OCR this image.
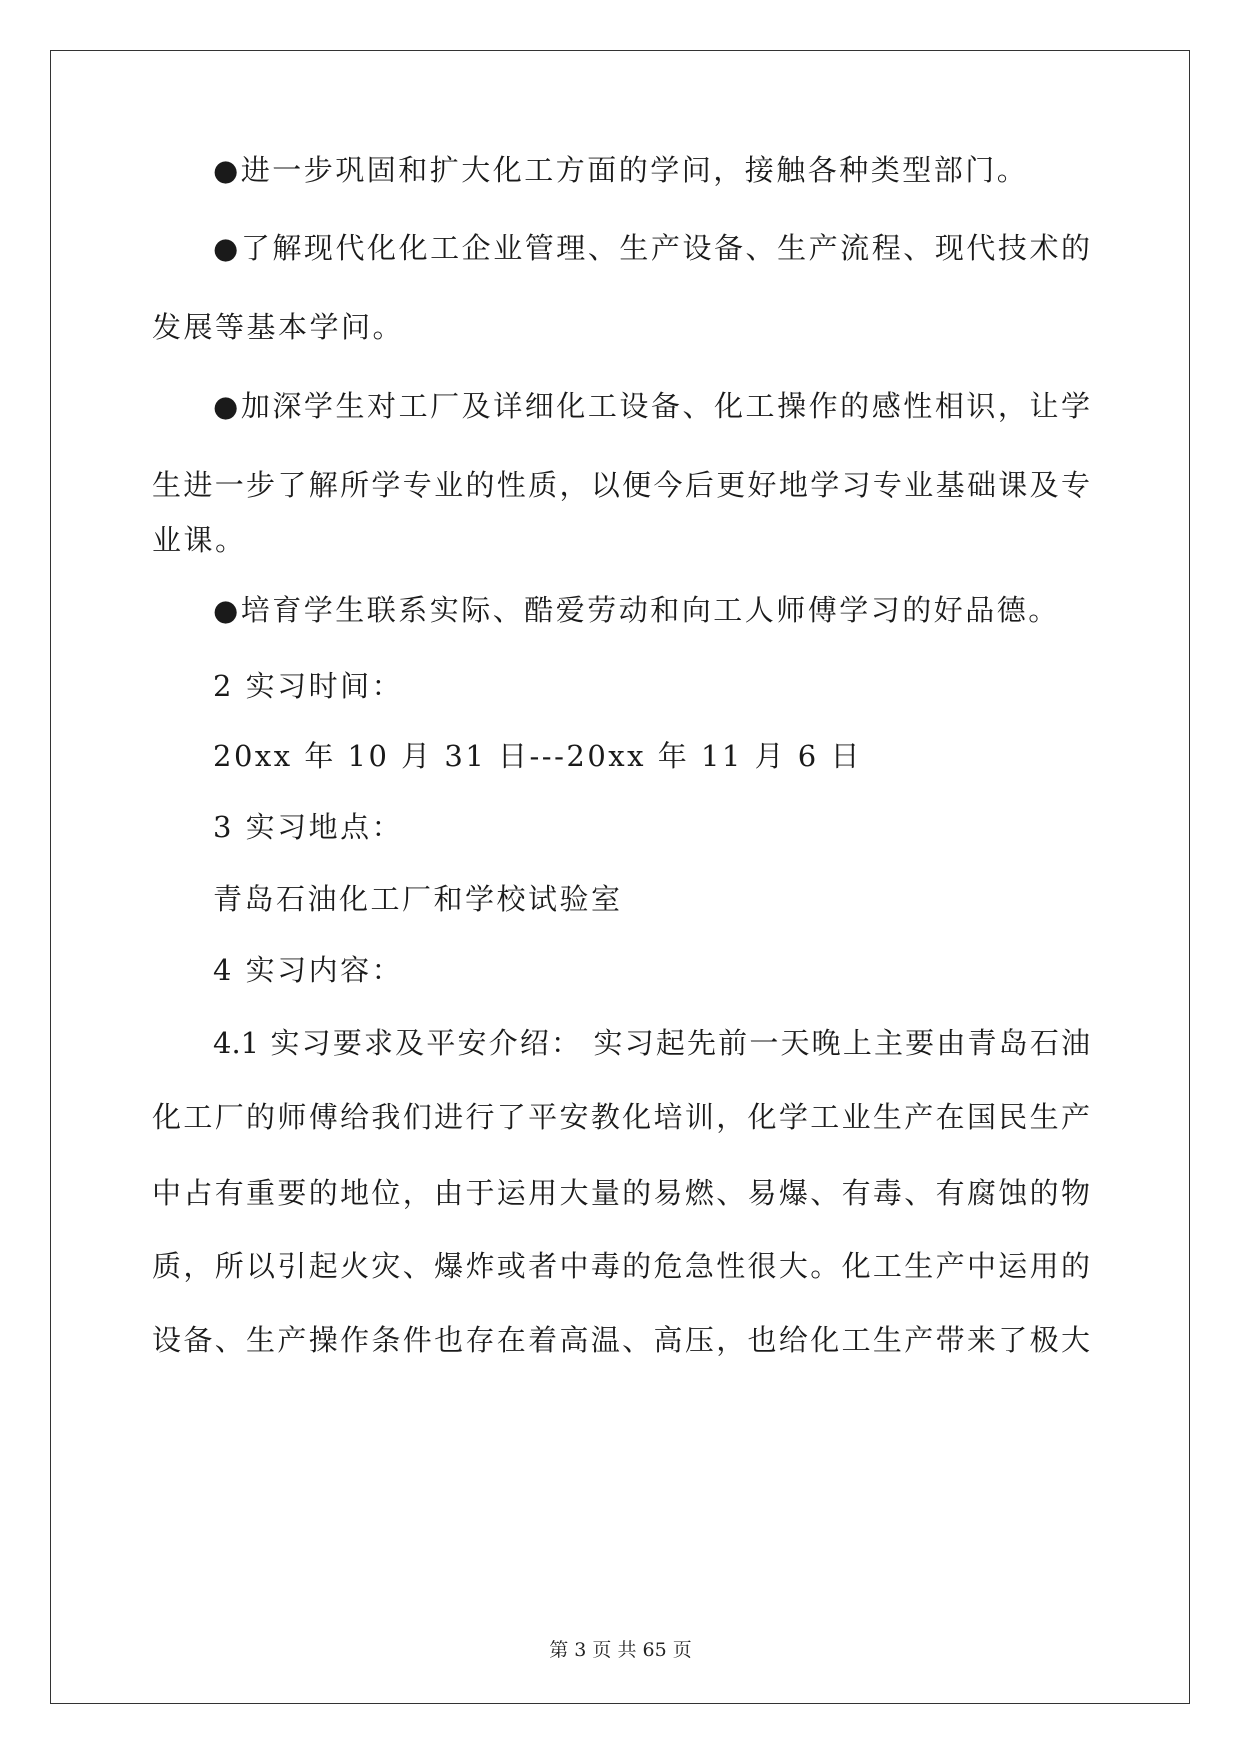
●进一步巩固和扩大化工方面的学问，接触各种类型部门。
●了解现代化化工企业管理、生产设备、生产流程、现代技术的
发展等基本学问。
●加深学生对工厂及详细化工设备、化工操作的感性相识，让学
生进一步了解所学专业的性质，以便今后更好地学习专业基础课及专
业课。
●培育学生联系实际、酷爱劳动和向工人师傅学习的好品德。
2 实习时间：
20xx 年 10 月 31 日---20xx 年 11 月 6 日
3 实习地点：
青岛石油化工厂和学校试验室
4 实习内容：
4.1 实习要求及平安介绍： 实习起先前一天晚上主要由青岛石油
化工厂的师傅给我们进行了平安教化培训，化学工业生产在国民生产
中占有重要的地位，由于运用大量的易燃、易爆、有毒、有腐蚀的物
质，所以引起火灾、爆炸或者中毒的危急性很大。化工生产中运用的
设备、生产操作条件也存在着高温、高压，也给化工生产带来了极大
第 3 页 共 65 页
